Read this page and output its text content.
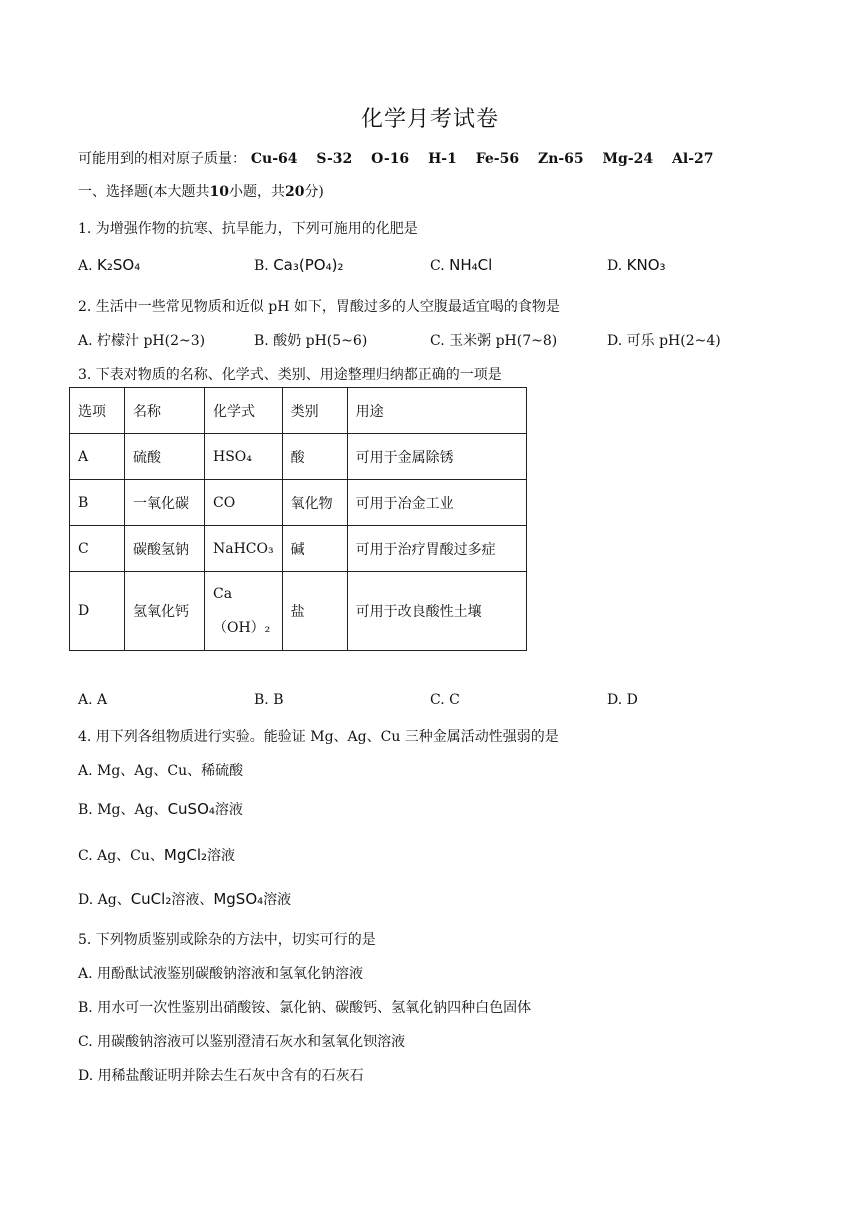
化学月考试卷
可能用到的相对原子质量： Cu-64 S-32 O-16 H-1 Fe-56 Zn-65 Mg-24 Al-27
一、选择题(本大题共10小题，共20分)
1. 为增强作物的抗寒、抗旱能力，下列可施用的化肥是
A. K₂SO₄	B. Ca₃(PO₄)₂	C. NH₄Cl	D. KNO₃
2. 生活中一些常见物质和近似 pH 如下，胃酸过多的人空腹最适宜喝的食物是
A. 柠檬汁 pH(2~3)	B. 酸奶 pH(5~6)	C. 玉米粥 pH(7~8)	D. 可乐 pH(2~4)
3. 下表对物质的名称、化学式、类别、用途整理归纳都正确的一项是
选项	名称	化学式	类别	用途
A	硫酸	HSO₄	酸	可用于金属除锈
B	一氧化碳	CO	氧化物	可用于冶金工业
C	碳酸氢钠	NaHCO₃	碱	可用于治疗胃酸过多症
D	氢氧化钙	Ca（OH）₂	盐	可用于改良酸性土壤
A. A	B. B	C. C	D. D
4. 用下列各组物质进行实验。能验证 Mg、Ag、Cu 三种金属活动性强弱的是
A. Mg、Ag、Cu、稀硫酸
B. Mg、Ag、CuSO₄溶液
C. Ag、Cu、MgCl₂溶液
D. Ag、CuCl₂溶液、MgSO₄溶液
5. 下列物质鉴别或除杂的方法中，切实可行的是
A. 用酚酞试液鉴别碳酸钠溶液和氢氧化钠溶液
B. 用水可一次性鉴别出硝酸铵、氯化钠、碳酸钙、氢氧化钠四种白色固体
C. 用碳酸钠溶液可以鉴别澄清石灰水和氢氧化钡溶液
D. 用稀盐酸证明并除去生石灰中含有的石灰石
